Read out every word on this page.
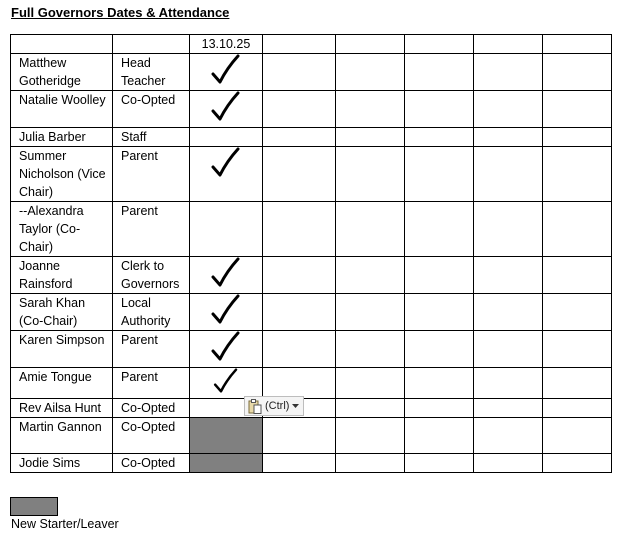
Full Governors Dates & Attendance
		13.10.25					
Matthew Gotheridge	Head Teacher	

Natalie Woolley	Co-Opted	

Julia Barber	Staff						
Summer Nicholson (Vice Chair)	Parent	

--Alexandra Taylor (Co-Chair)	Parent						
Joanne Rainsford	Clerk to Governors	

Sarah Khan (Co-Chair)	Local Authority	

Karen Simpson	Parent	

Amie Tongue	Parent	

Rev Ailsa Hunt	Co-Opted						
Martin Gannon	Co-Opted						
Jodie Sims	Co-Opted						
(Ctrl)
New Starter/Leaver
